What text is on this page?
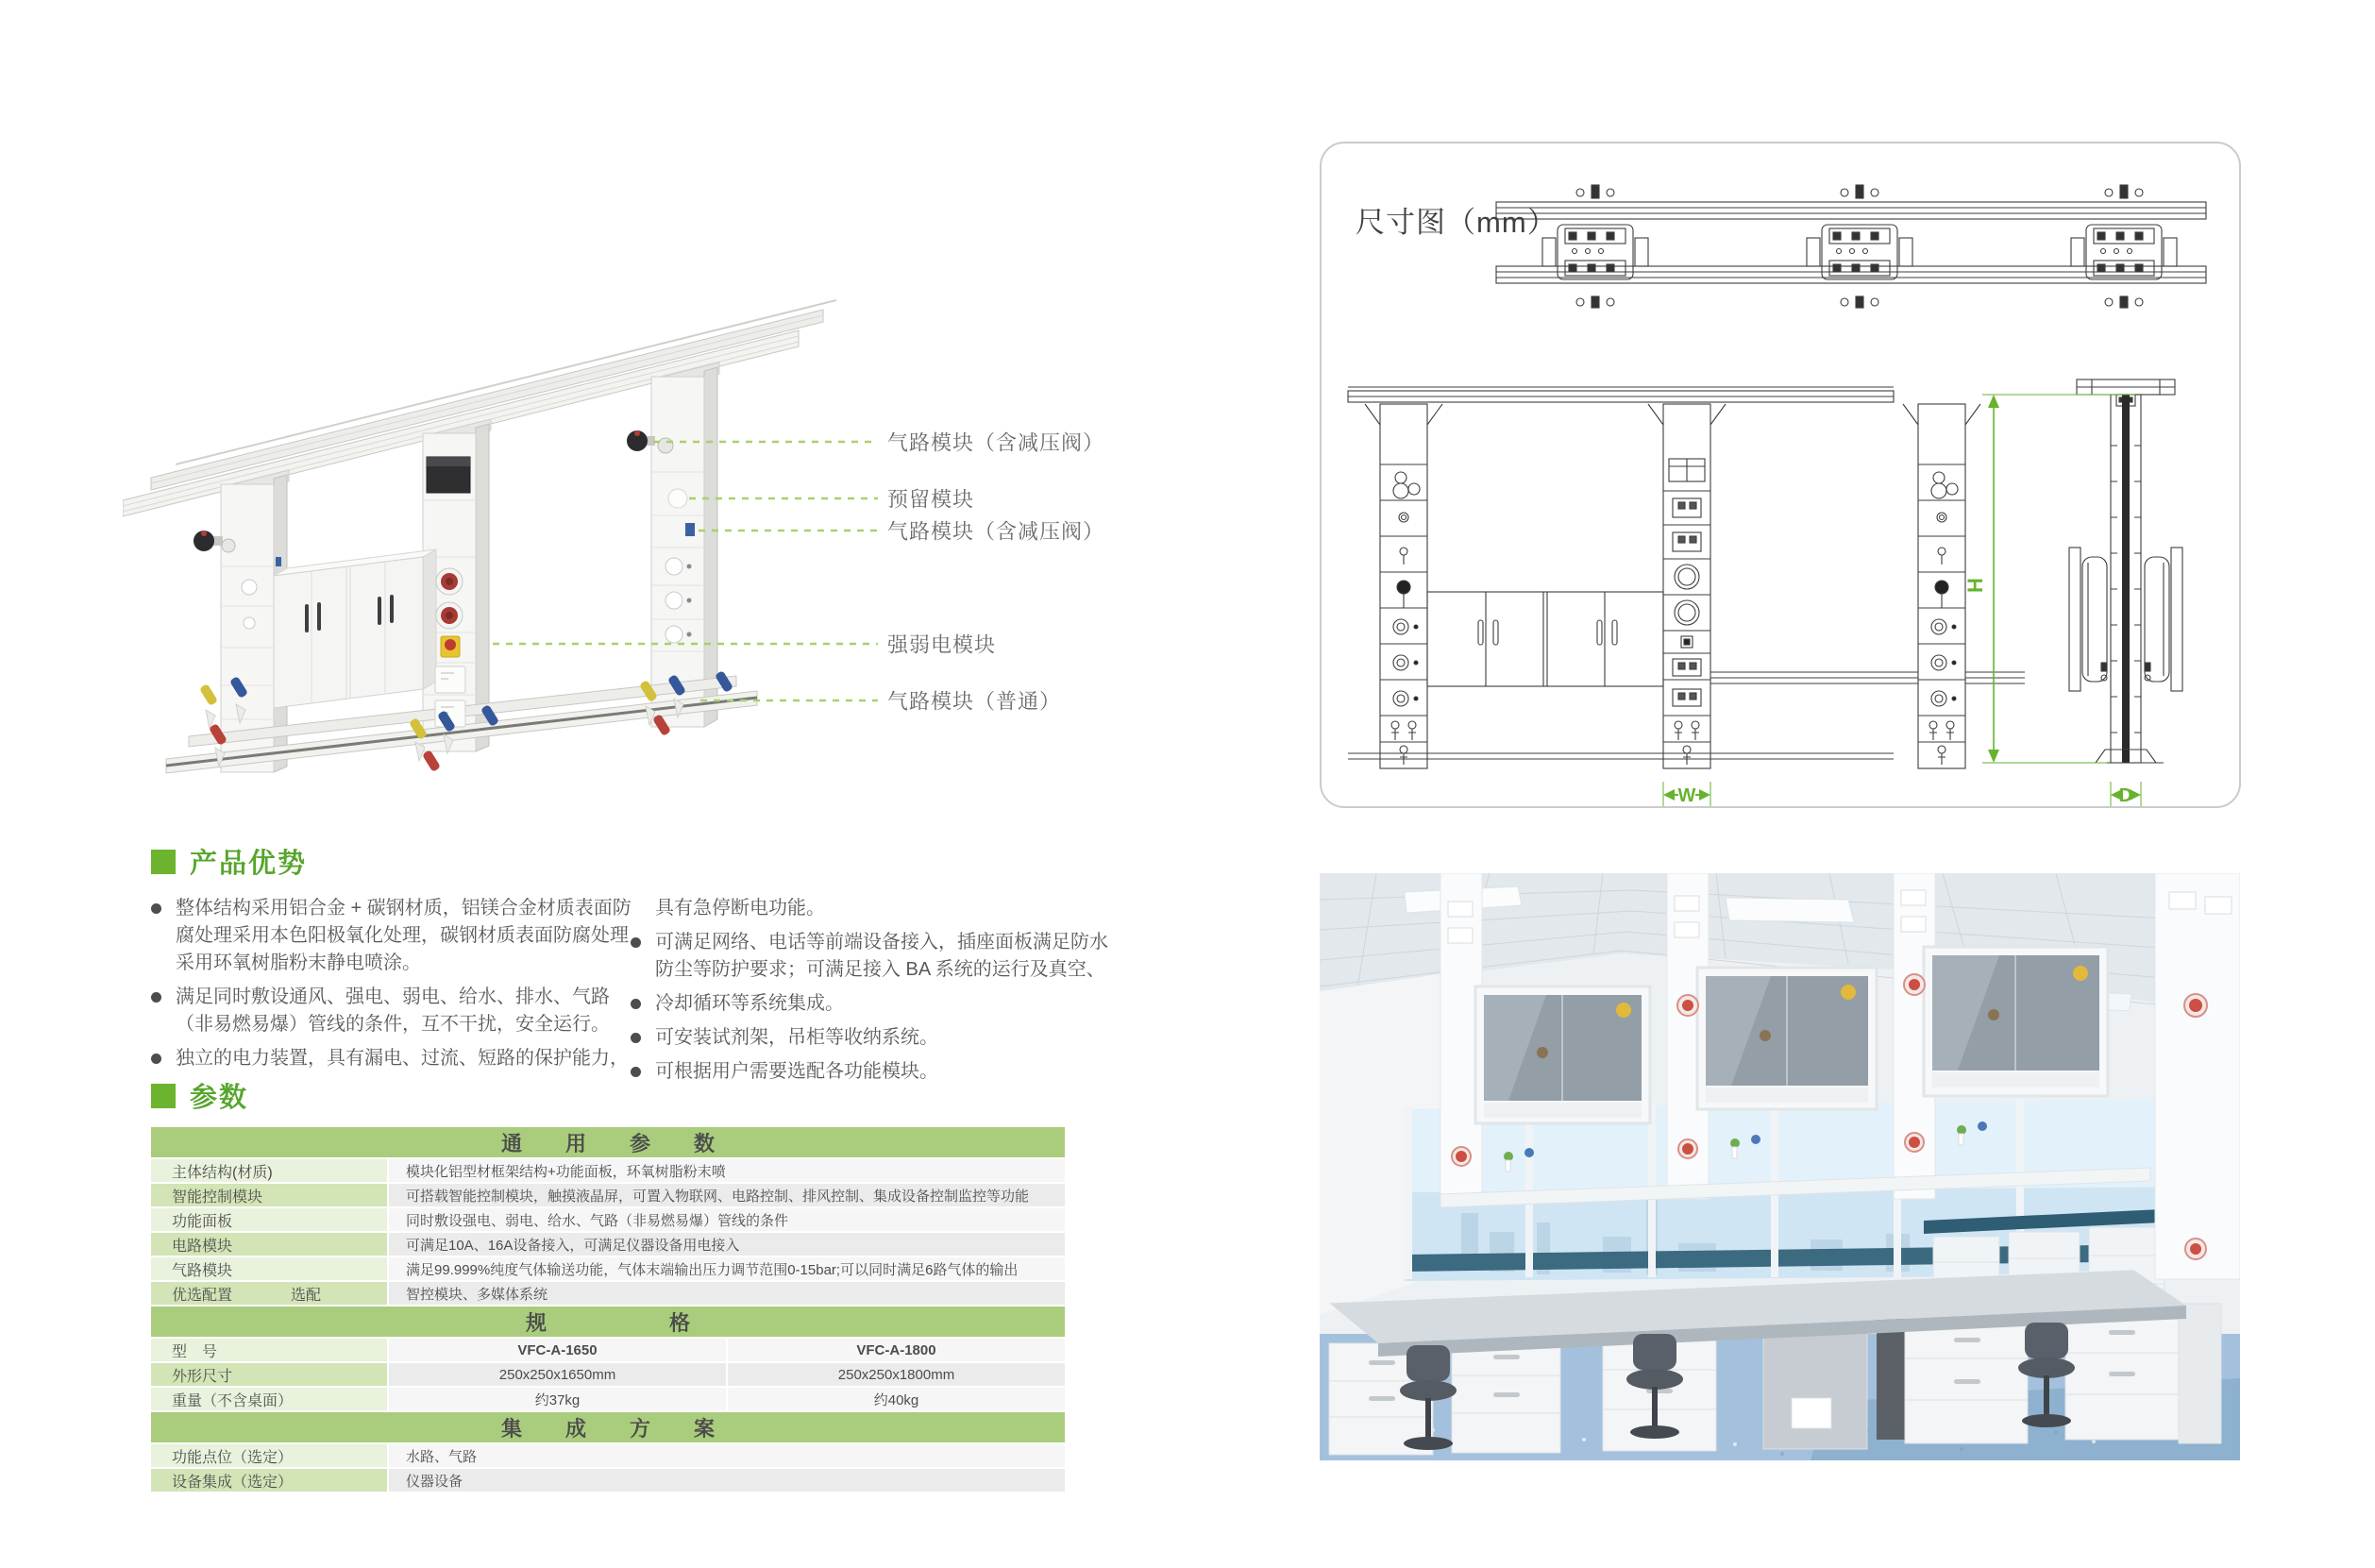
气路模块（含减压阀）
预留模块
气路模块（含减压阀）
强弱电模块
气路模块（普通）
尺寸图（mm）
W
H
D
产品优势
整体结构采用铝合金 + 碳钢材质，铝镁合金材质表面防腐处理采用本色阳极氧化处理，碳钢材质表面防腐处理采用环氧树脂粉末静电喷涂。
满足同时敷设通风、强电、弱电、给水、排水、气路（非易燃易爆）管线的条件，互不干扰，安全运行。
独立的电力装置，具有漏电、过流、短路的保护能力，
具有急停断电功能。
可满足网络、电话等前端设备接入，插座面板满足防水防尘等防护要求；可满足接入 BA 系统的运行及真空、
冷却循环等系统集成。
可安装试剂架，吊柜等收纳系统。
可根据用户需要选配各功能模块。
参数
通用参数
主体结构(材质)	模块化铝型材框架结构+功能面板，环氧树脂粉末喷
智能控制模块	可搭载智能控制模块，触摸液晶屏，可置入物联网、电路控制、排风控制、集成设备控制监控等功能
功能面板	同时敷设强电、弱电、给水、气路（非易燃易爆）管线的条件
电路模块	可满足10A、16A设备接入，可满足仪器设备用电接入
气路模块	满足99.999%纯度气体输送功能，气体末端输出压力调节范围0-15bar;可以同时满足6路气体的输出
优选配置	选配	智控模块、多媒体系统
规格
型　号	VFC-A-1650	VFC-A-1800
外形尺寸	250x250x1650mm	250x250x1800mm
重量（不含桌面）	约37kg	约40kg
集成方案
功能点位（选定）	水路、气路
设备集成（选定）	仪器设备
